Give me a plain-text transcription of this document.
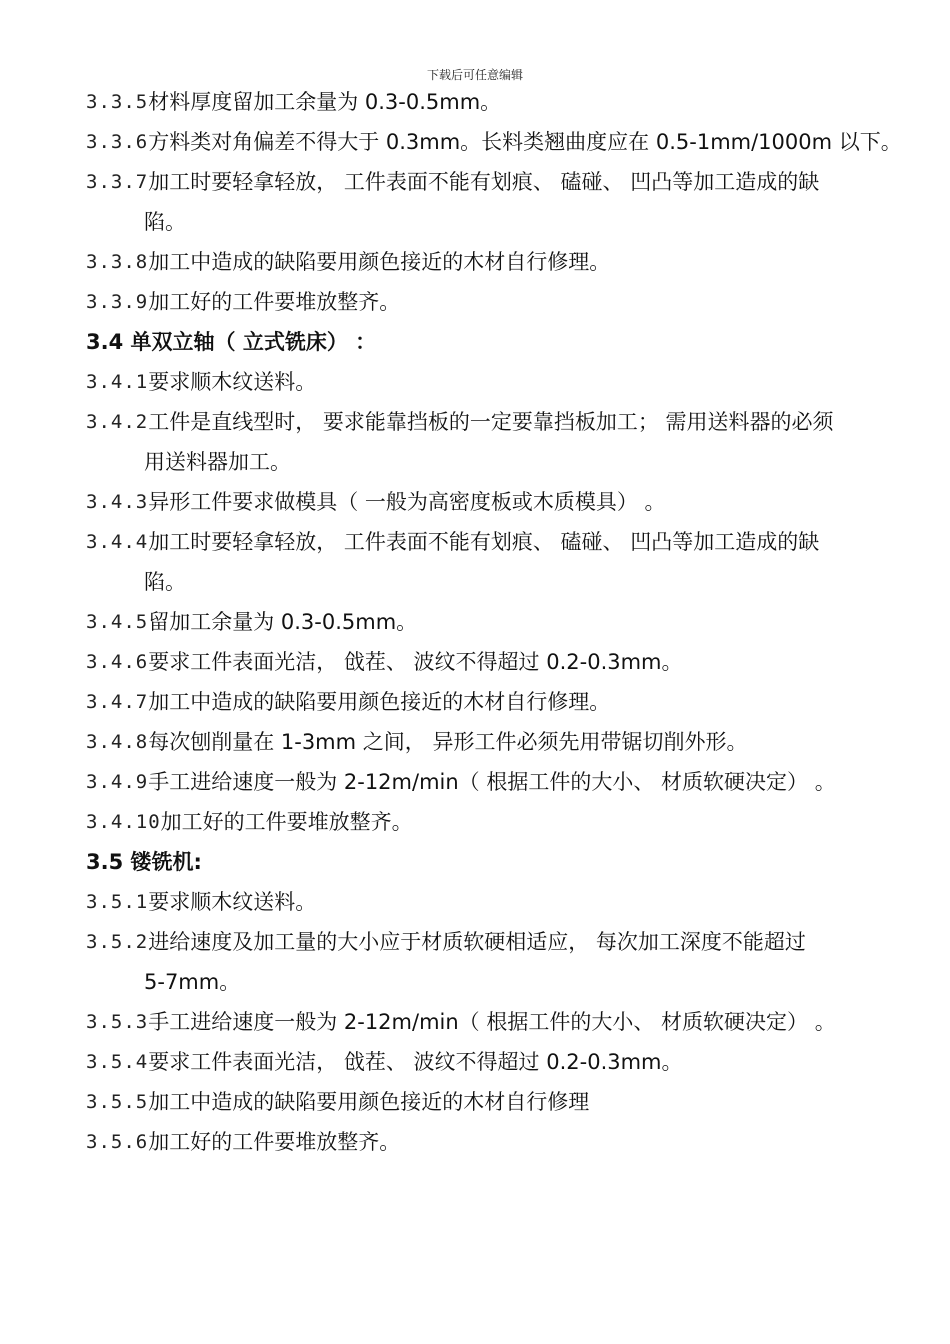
下载后可任意编辑
3.3.5 材料厚度留加工余量为 0.3-0.5mm。
3.3.6 方料类对角偏差不得大于 0.3mm。长料类翘曲度应在 0.5-1mm/1000m 以下。
3.3.7 加工时要轻拿轻放， 工件表面不能有划痕、 磕碰、 凹凸等加工造成的缺
陷。
3.3.8 加工中造成的缺陷要用颜色接近的木材自行修理。
3.3.9 加工好的工件要堆放整齐。
3.4 单双立轴（ 立式铣床） ：
3.4.1 要求顺木纹送料。
3.4.2 工件是直线型时， 要求能靠挡板的一定要靠挡板加工； 需用送料器的必须
用送料器加工。
3.4.3 异形工件要求做模具（ 一般为高密度板或木质模具） 。
3.4.4 加工时要轻拿轻放， 工件表面不能有划痕、 磕碰、 凹凸等加工造成的缺
陷。
3.4.5 留加工余量为 0.3-0.5mm。
3.4.6 要求工件表面光洁， 戗茬、 波纹不得超过 0.2-0.3mm。
3.4.7 加工中造成的缺陷要用颜色接近的木材自行修理。
3.4.8 每次刨削量在 1-3mm 之间， 异形工件必须先用带锯切削外形。
3.4.9 手工进给速度一般为 2-12m/min（ 根据工件的大小、 材质软硬决定） 。
3.4.10 加工好的工件要堆放整齐。
3.5 镂铣机:
3.5.1 要求顺木纹送料。
3.5.2 进给速度及加工量的大小应于材质软硬相适应， 每次加工深度不能超过
5-7mm。
3.5.3 手工进给速度一般为 2-12m/min（ 根据工件的大小、 材质软硬决定） 。
3.5.4 要求工件表面光洁， 戗茬、 波纹不得超过 0.2-0.3mm。
3.5.5 加工中造成的缺陷要用颜色接近的木材自行修理
3.5.6 加工好的工件要堆放整齐。
